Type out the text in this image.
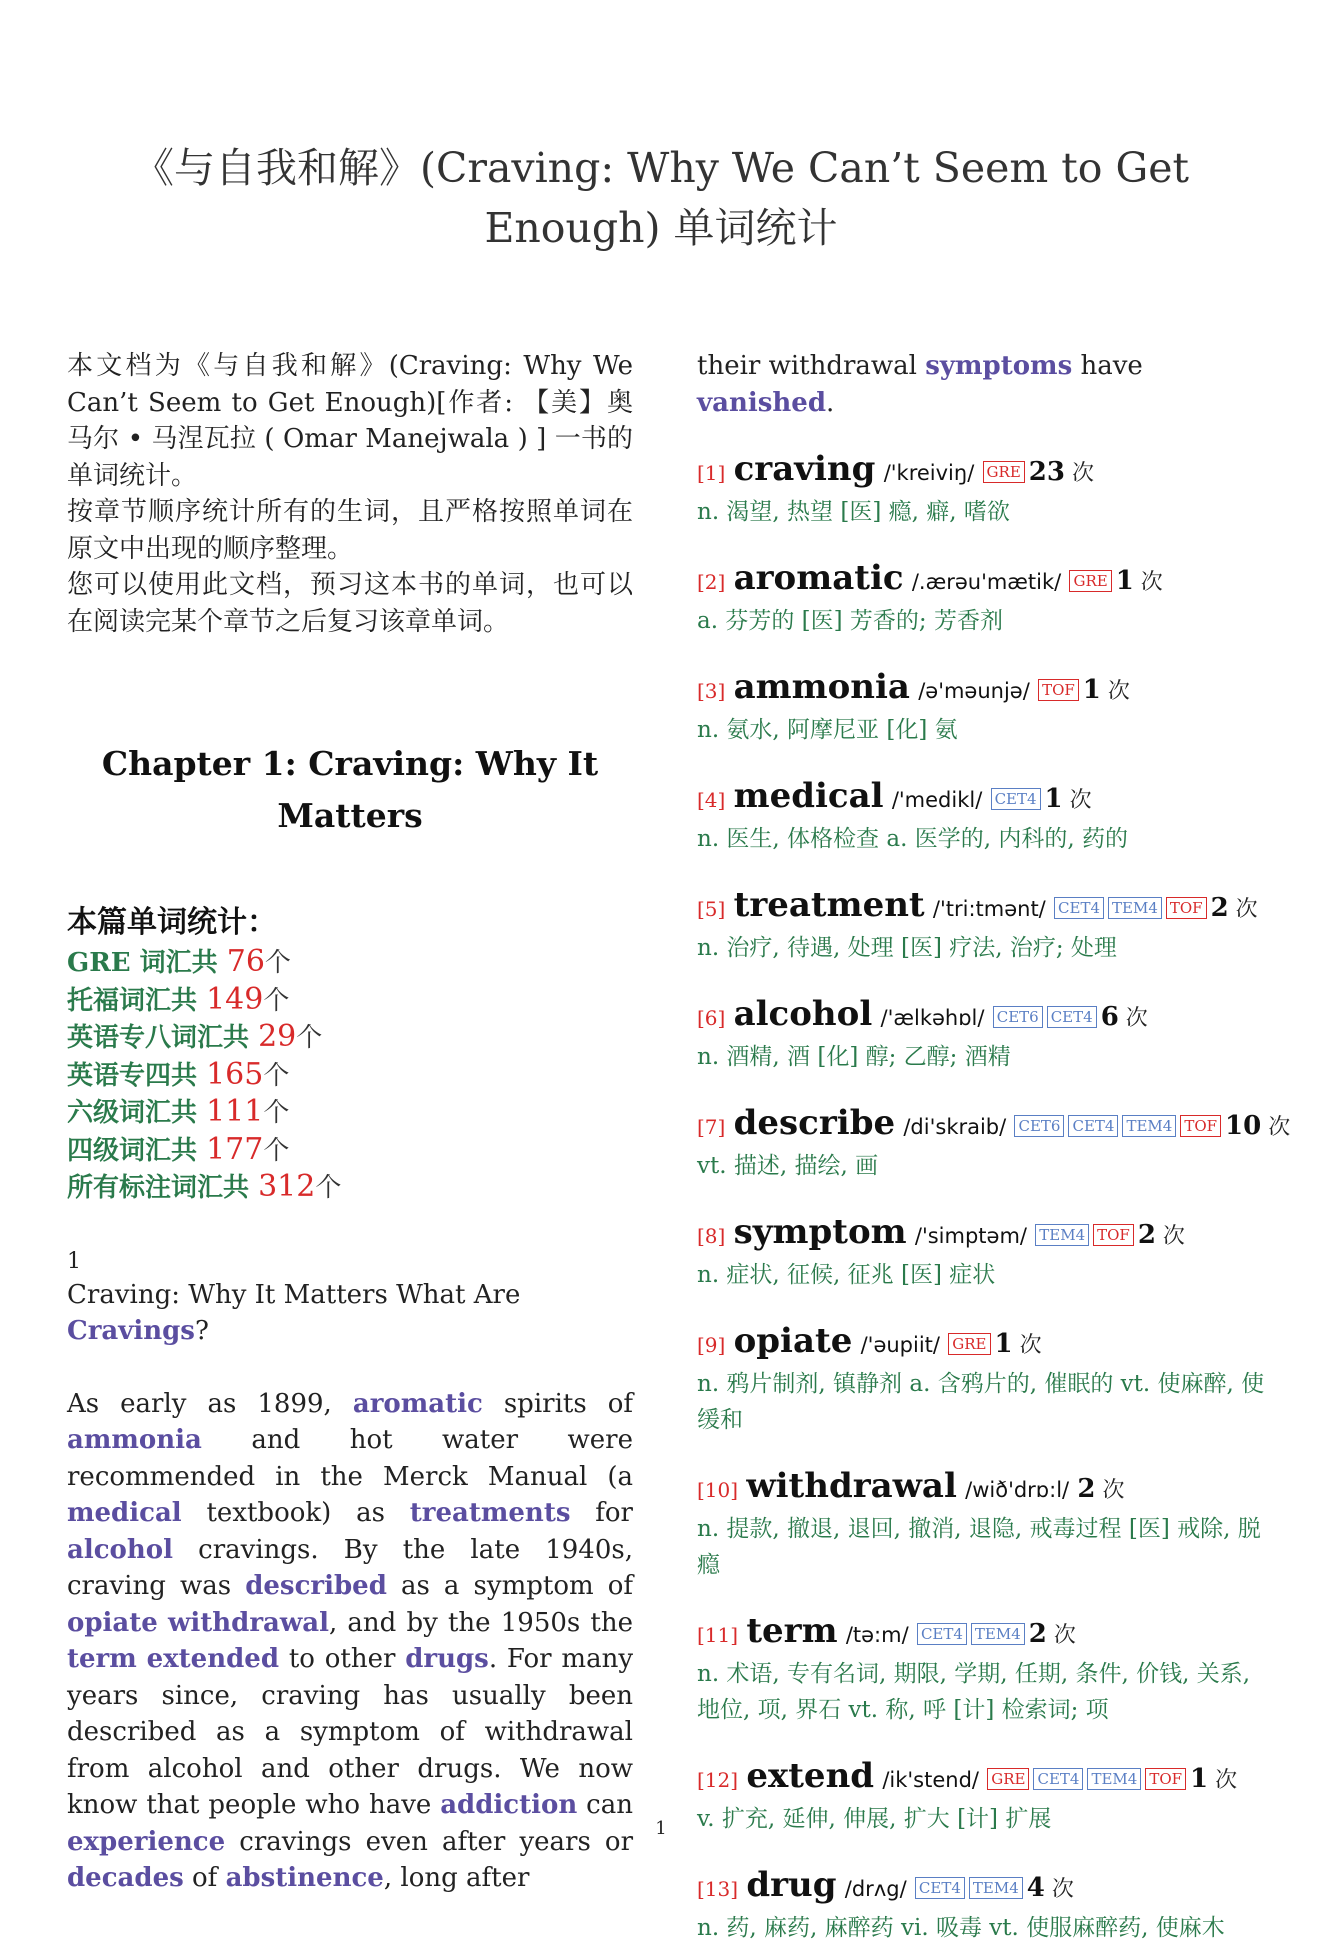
《与自我和解》(Craving: Why We Can’t Seem to Get Enough) 单词统计

本文档为《与自我和解》(Craving: Why We Can’t Seem to Get Enough)[作者: 【美】奥马尔 • 马涅瓦拉 ( Omar Manejwala ) ] 一书的单词统计。
按章节顺序统计所有的生词，且严格按照单词在原文中出现的顺序整理。
您可以使用此文档，预习这本书的单词，也可以在阅读完某个章节之后复习该章单词。

Chapter 1: Craving: Why It Matters
本篇单词统计：
GRE 词汇共 76个
托福词汇共 149个
英语专八词汇共 29个
英语专四共 165个
六级词汇共 111个
四级词汇共 177个
所有标注词汇共 312个
1
Craving: Why It Matters What Are Cravings?
As early as 1899, aromatic spirits of ammonia and hot water were recommended in the Merck Manual (a medical textbook) as treatments for alcohol cravings. By the late 1940s, craving was described as a symptom of opiate withdrawal, and by the 1950s the term extended to other drugs. For many years since, craving has usually been described as a symptom of withdrawal from alcohol and other drugs. We now know that people who have addiction can experience cravings even after years or decades of abstinence, long after

their withdrawal symptoms have vanished.

[1] craving /'kreiviŋ/ GRE 23 次
n. 渴望, 热望 [医] 瘾, 癖, 嗜欲
[2] aromatic /.ærəu'mætik/ GRE 1 次
a. 芬芳的 [医] 芳香的; 芳香剂
[3] ammonia /ə'məunjə/ TOF 1 次
n. 氨水, 阿摩尼亚 [化] 氨
[4] medical /'medikl/ CET4 1 次
n. 医生, 体格检查 a. 医学的, 内科的, 药的
[5] treatment /'tri:tmənt/ CET4 TEM4 TOF 2 次
n. 治疗, 待遇, 处理 [医] 疗法, 治疗; 处理
[6] alcohol /'ælkəhɒl/ CET6 CET4 6 次
n. 酒精, 酒 [化] 醇; 乙醇; 酒精
[7] describe /di'skraib/ CET6 CET4 TEM4 TOF 10 次
vt. 描述, 描绘, 画
[8] symptom /'simptəm/ TEM4 TOF 2 次
n. 症状, 征候, 征兆 [医] 症状
[9] opiate /'əupiit/ GRE 1 次
n. 鸦片制剂, 镇静剂 a. 含鸦片的, 催眠的 vt. 使麻醉, 使缓和
[10] withdrawal /wið'drɒ:l/ 2 次
n. 提款, 撤退, 退回, 撤消, 退隐, 戒毒过程 [医] 戒除, 脱瘾
[11] term /tə:m/ CET4 TEM4 2 次
n. 术语, 专有名词, 期限, 学期, 任期, 条件, 价钱, 关系, 地位, 项, 界石 vt. 称, 呼 [计] 检索词; 项
[12] extend /ik'stend/ GRE CET4 TEM4 TOF 1 次
v. 扩充, 延伸, 伸展, 扩大 [计] 扩展
[13] drug /drʌg/ CET4 TEM4 4 次
n. 药, 麻药, 麻醉药 vi. 吸毒 vt. 使服麻醉药, 使麻木
1
